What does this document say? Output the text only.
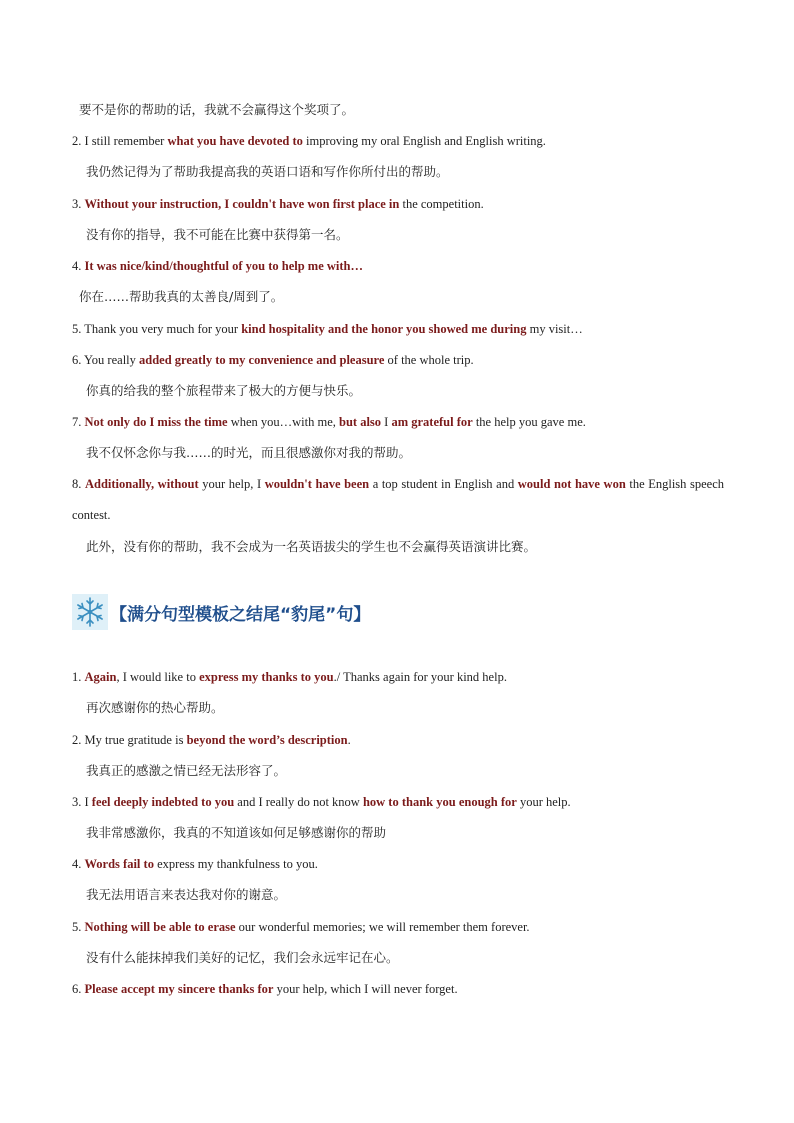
要不是你的帮助的话，我就不会赢得这个奖项了。
2. I still remember what you have devoted to improving my oral English and English writing.
我仍然记得为了帮助我提高我的英语口语和写作你所付出的帮助。
3. Without your instruction, I couldn't have won first place in the competition.
没有你的指导，我不可能在比赛中获得第一名。
4. It was nice/kind/thoughtful of you to help me with…
你在……帮助我真的太善良/周到了。
5. Thank you very much for your kind hospitality and the honor you showed me during my visit…
6. You really added greatly to my convenience and pleasure of the whole trip.
你真的给我的整个旅程带来了极大的方便与快乐。
7. Not only do I miss the time when you…with me, but also I am grateful for the help you gave me.
我不仅怀念你与我……的时光，而且很感激你对我的帮助。
8. Additionally, without your help, I wouldn't have been a top student in English and would not have won the English speech contest.
此外，没有你的帮助，我不会成为一名英语拔尖的学生也不会赢得英语演讲比赛。
【满分句型模板之结尾“豹尾”句】
1. Again, I would like to express my thanks to you./ Thanks again for your kind help.
再次感谢你的热心帮助。
2. My true gratitude is beyond the word’s description.
我真正的感激之情已经无法形容了。
3. I feel deeply indebted to you and I really do not know how to thank you enough for your help.
我非常感激你，我真的不知道该如何足够感谢你的帮助
4. Words fail to express my thankfulness to you.
我无法用语言来表达我对你的谢意。
5. Nothing will be able to erase our wonderful memories; we will remember them forever.
没有什么能抹掉我们美好的记忆，我们会永远牢记在心。
6. Please accept my sincere thanks for your help, which I will never forget.
